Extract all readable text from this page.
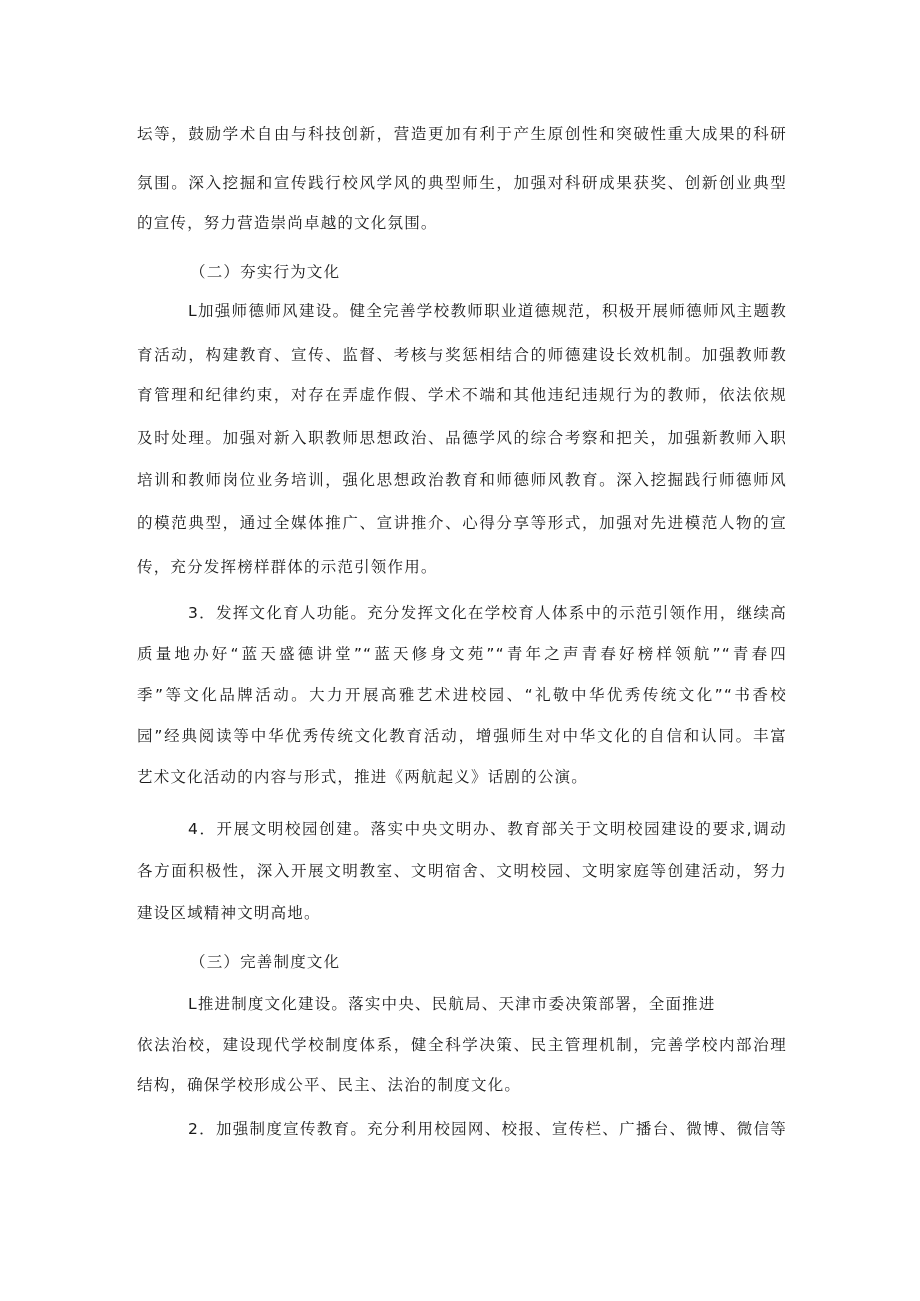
坛等，鼓励学术自由与科技创新，营造更加有利于产生原创性和突破性重大成果的科研
氛围。深入挖掘和宣传践行校风学风的典型师生，加强对科研成果获奖、创新创业典型
的宣传，努力营造崇尚卓越的文化氛围。
（二）夯实行为文化
L加强师德师风建设。健全完善学校教师职业道德规范，积极开展师德师风主题教
育活动，构建教育、宣传、监督、考核与奖惩相结合的师德建设长效机制。加强教师教
育管理和纪律约束，对存在弄虚作假、学术不端和其他违纪违规行为的教师，依法依规
及时处理。加强对新入职教师思想政治、品德学风的综合考察和把关，加强新教师入职
培训和教师岗位业务培训，强化思想政治教育和师德师风教育。深入挖掘践行师德师风
的模范典型，通过全媒体推广、宣讲推介、心得分享等形式，加强对先进模范人物的宣
传，充分发挥榜样群体的示范引领作用。
3．发挥文化育人功能。充分发挥文化在学校育人体系中的示范引领作用，继续高
质量地办好“蓝天盛德讲堂”“蓝天修身文苑”“青年之声青春好榜样领航”“青春四
季”等文化品牌活动。大力开展高雅艺术进校园、“礼敬中华优秀传统文化”“书香校
园”经典阅读等中华优秀传统文化教育活动，增强师生对中华文化的自信和认同。丰富
艺术文化活动的内容与形式，推进《两航起义》话剧的公演。
4．开展文明校园创建。落实中央文明办、教育部关于文明校园建设的要求,调动
各方面积极性，深入开展文明教室、文明宿舍、文明校园、文明家庭等创建活动，努力
建设区域精神文明高地。
（三）完善制度文化
L推进制度文化建设。落实中央、民航局、天津市委决策部署，全面推进
依法治校，建设现代学校制度体系，健全科学决策、民主管理机制，完善学校内部治理
结构，确保学校形成公平、民主、法治的制度文化。
2．加强制度宣传教育。充分利用校园网、校报、宣传栏、广播台、微博、微信等
